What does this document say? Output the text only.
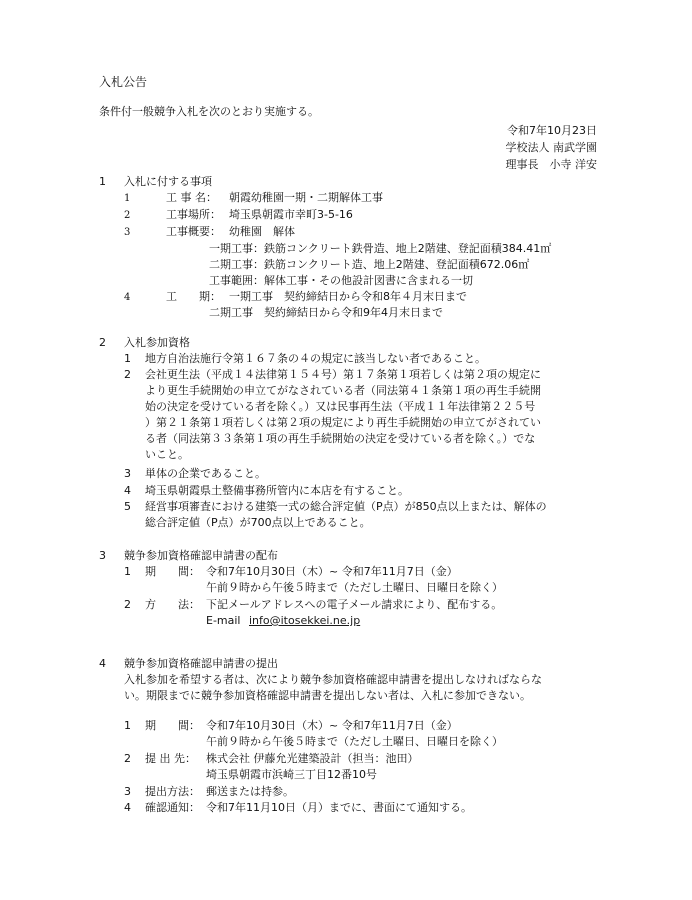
入札公告
条件付一般競争入札を次のとおり実施する。
令和7年10月23日
学校法人 南武学園
理事長　小寺 洋安
1 入札に付する事項
1	工 事 名： 朝霞幼稚園一期・二期解体工事
2	工事場所： 埼玉県朝霞市幸町3-5-16
3	工事概要： 幼稚園　解体
一期工事：鉄筋コンクリート鉄骨造、地上2階建、登記面積384.41㎡
二期工事：鉄筋コンクリート造、地上2階建、登記面積672.06㎡
工事範囲：解体工事・その他設計図書に含まれる一切
4	工　　期： 一期工事　契約締結日から令和8年４月末日まで
二期工事　契約締結日から令和9年4月末日まで
2 入札参加資格
1 地方自治法施行令第１６７条の４の規定に該当しない者であること。
2 会社更生法（平成１４法律第１５４号）第１７条第１項若しくは第２項の規定に
より更生手続開始の申立てがなされている者（同法第４１条第１項の再生手続開
始の決定を受けている者を除く。）又は民事再生法（平成１１年法律第２２５号
）第２１条第１項若しくは第２項の規定により再生手続開始の申立てがされてい
る者（同法第３３条第１項の再生手続開始の決定を受けている者を除く。）でな
いこと。
3 単体の企業であること。
4 埼玉県朝霞県土整備事務所管内に本店を有すること。
5 経営事項審査における建築一式の総合評定値（P点）が850点以上または、解体の
総合評定値（P点）が700点以上であること。
3 競争参加資格確認申請書の配布
1 期　　間： 令和7年10月30日（木）~ 令和7年11月7日（金）
午前９時から午後５時まで（ただし土曜日、日曜日を除く）
2 方　　法： 下記メールアドレスへの電子メール請求により、配布する。
E-mail info@itosekkei.ne.jp
4 競争参加資格確認申請書の提出
入札参加を希望する者は、次により競争参加資格確認申請書を提出しなければならな
い。期限までに競争参加資格確認申請書を提出しない者は、入札に参加できない。
1 期　　間： 令和7年10月30日（木）~ 令和7年11月7日（金）
午前９時から午後５時まで（ただし土曜日、日曜日を除く）
2 提 出 先： 株式会社 伊藤允光建築設計（担当：池田）
埼玉県朝霞市浜崎三丁目12番10号
3 提出方法： 郵送または持参。
4 確認通知： 令和7年11月10日（月）までに、書面にて通知する。
